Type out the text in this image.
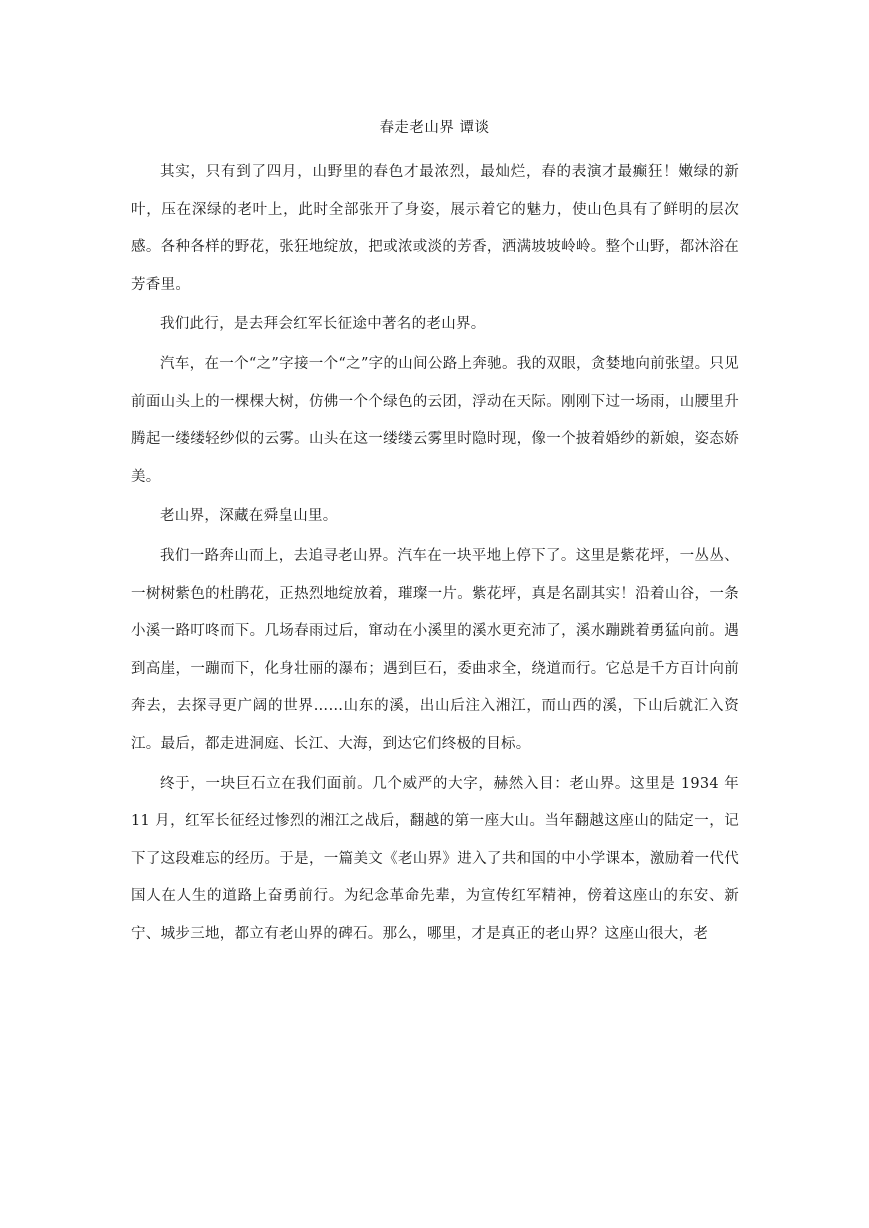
春走老山界 谭谈

其实，只有到了四月，山野里的春色才最浓烈，最灿烂，春的表演才最癫狂！嫩绿的新叶，压在深绿的老叶上，此时全部张开了身姿，展示着它的魅力，使山色具有了鲜明的层次感。各种各样的野花，张狂地绽放，把或浓或淡的芳香，洒满坡坡岭岭。整个山野，都沐浴在芳香里。

我们此行，是去拜会红军长征途中著名的老山界。

汽车，在一个“之”字接一个“之”字的山间公路上奔驰。我的双眼，贪婪地向前张望。只见前面山头上的一棵棵大树，仿佛一个个绿色的云团，浮动在天际。刚刚下过一场雨，山腰里升腾起一缕缕轻纱似的云雾。山头在这一缕缕云雾里时隐时现，像一个披着婚纱的新娘，姿态娇美。

老山界，深藏在舜皇山里。

我们一路奔山而上，去追寻老山界。汽车在一块平地上停下了。这里是紫花坪，一丛丛、一树树紫色的杜鹃花，正热烈地绽放着，璀璨一片。紫花坪，真是名副其实！沿着山谷，一条小溪一路叮咚而下。几场春雨过后，窜动在小溪里的溪水更充沛了，溪水蹦跳着勇猛向前。遇到高崖，一蹦而下，化身壮丽的瀑布；遇到巨石，委曲求全，绕道而行。它总是千方百计向前奔去，去探寻更广阔的世界……山东的溪，出山后注入湘江，而山西的溪，下山后就汇入资江。最后，都走进洞庭、长江、大海，到达它们终极的目标。

终于，一块巨石立在我们面前。几个威严的大字，赫然入目：老山界。这里是 1934 年 11 月，红军长征经过惨烈的湘江之战后，翻越的第一座大山。当年翻越这座山的陆定一，记下了这段难忘的经历。于是，一篇美文《老山界》进入了共和国的中小学课本，激励着一代代国人在人生的道路上奋勇前行。为纪念革命先辈，为宣传红军精神，傍着这座山的东安、新宁、城步三地，都立有老山界的碑石。那么，哪里，才是真正的老山界？这座山很大，老
